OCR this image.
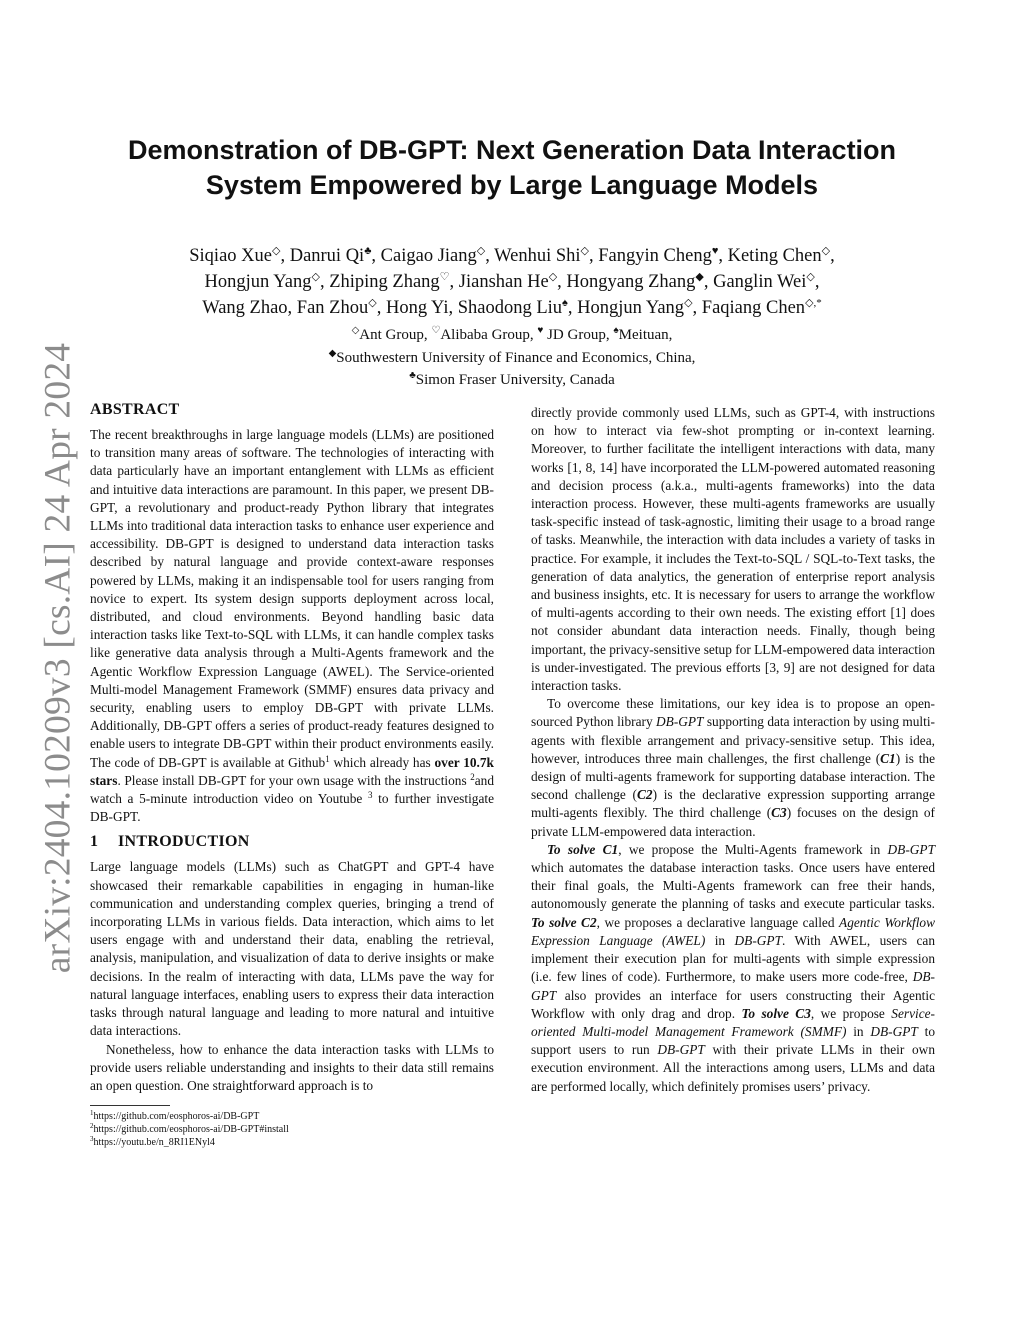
arXiv:2404.10209v3 [cs.AI] 24 Apr 2024
Demonstration of DB-GPT: Next Generation Data Interaction
System Empowered by Large Language Models
Siqiao Xue◇, Danrui Qi♣, Caigao Jiang◇, Wenhui Shi◇, Fangyin Cheng♥, Keting Chen◇,
Hongjun Yang◇, Zhiping Zhang♡, Jianshan He◇, Hongyang Zhang◆, Ganglin Wei◇,
Wang Zhao, Fan Zhou◇, Hong Yi, Shaodong Liu♠, Hongjun Yang◇, Faqiang Chen◇,*
◇Ant Group, ♡Alibaba Group, ♥ JD Group, ♠Meituan,
◆Southwestern University of Finance and Economics, China,
♣Simon Fraser University, Canada
ABSTRACT

The recent breakthroughs in large language models (LLMs) are positioned to transition many areas of software. The technologies of interacting with data particularly have an important entanglement with LLMs as efficient and intuitive data interactions are paramount. In this paper, we present DB-GPT, a revolutionary and product-ready Python library that integrates LLMs into traditional data interaction tasks to enhance user experience and accessibility. DB-GPT is designed to understand data interaction tasks described by natural language and provide context-aware responses powered by LLMs, making it an indispensable tool for users ranging from novice to expert. Its system design supports deployment across local, distributed, and cloud environments. Beyond handling basic data interaction tasks like Text-to-SQL with LLMs, it can handle complex tasks like generative data analysis through a Multi-Agents framework and the Agentic Workflow Expression Language (AWEL). The Service-oriented Multi-model Management Framework (SMMF) ensures data privacy and security, enabling users to employ DB-GPT with private LLMs. Additionally, DB-GPT offers a series of product-ready features designed to enable users to integrate DB-GPT within their product environments easily. The code of DB-GPT is available at Github$^1$ which already has over 10.7k stars. Please install DB-GPT for your own usage with the instructions $^2$and watch a 5-minute introduction video on Youtube $^3$ to further investigate DB-GPT.

1 INTRODUCTION

Large language models (LLMs) such as ChatGPT and GPT-4 have showcased their remarkable capabilities in engaging in human-like communication and understanding complex queries, bringing a trend of incorporating LLMs in various fields. Data interaction, which aims to let users engage with and understand their data, enabling the retrieval, analysis, manipulation, and visualization of data to derive insights or make decisions. In the realm of interacting with data, LLMs pave the way for natural language interfaces, enabling users to express their data interaction tasks through natural language and leading to more natural and intuitive data interactions.

Nonetheless, how to enhance the data interaction tasks with LLMs to provide users reliable understanding and insights to their data still remains an open question. One straightforward approach is to

$^1$https://github.com/eosphoros-ai/DB-GPT

$^2$https://github.com/eosphoros-ai/DB-GPT#install

$^3$https://youtu.be/n_8RI1ENyl4

directly provide commonly used LLMs, such as GPT-4, with instructions on how to interact via few-shot prompting or in-context learning. Moreover, to further facilitate the intelligent interactions with data, many works [1, 8, 14] have incorporated the LLM-powered automated reasoning and decision process (a.k.a., multi-agents frameworks) into the data interaction process. However, these multi-agents frameworks are usually task-specific instead of task-agnostic, limiting their usage to a broad range of tasks. Meanwhile, the interaction with data includes a variety of tasks in practice. For example, it includes the Text-to-SQL / SQL-to-Text tasks, the generation of data analytics, the generation of enterprise report analysis and business insights, etc. It is necessary for users to arrange the workflow of multi-agents according to their own needs. The existing effort [1] does not consider abundant data interaction needs. Finally, though being important, the privacy-sensitive setup for LLM-empowered data interaction is under-investigated. The previous efforts [3, 9] are not designed for data interaction tasks.

To overcome these limitations, our key idea is to propose an open-sourced Python library DB-GPT supporting data interaction by using multi-agents with flexible arrangement and privacy-sensitive setup. This idea, however, introduces three main challenges, the first challenge (C1) is the design of multi-agents framework for supporting database interaction. The second challenge (C2) is the declarative expression supporting arrange multi-agents flexibly. The third challenge (C3) focuses on the design of private LLM-empowered data interaction.

To solve C1, we propose the Multi-Agents framework in DB-GPT which automates the database interaction tasks. Once users have entered their final goals, the Multi-Agents framework can free their hands, autonomously generate the planning of tasks and execute particular tasks. To solve C2, we proposes a declarative language called Agentic Workflow Expression Language (AWEL) in DB-GPT. With AWEL, users can implement their execution plan for multi-agents with simple expression (i.e. few lines of code). Furthermore, to make users more code-free, DB-GPT also provides an interface for users constructing their Agentic Workflow with only drag and drop. To solve C3, we propose Service-oriented Multi-model Management Framework (SMMF) in DB-GPT to support users to run DB-GPT with their private LLMs in their own execution environment. All the interactions among users, LLMs and data are performed locally, which definitely promises users’ privacy.
